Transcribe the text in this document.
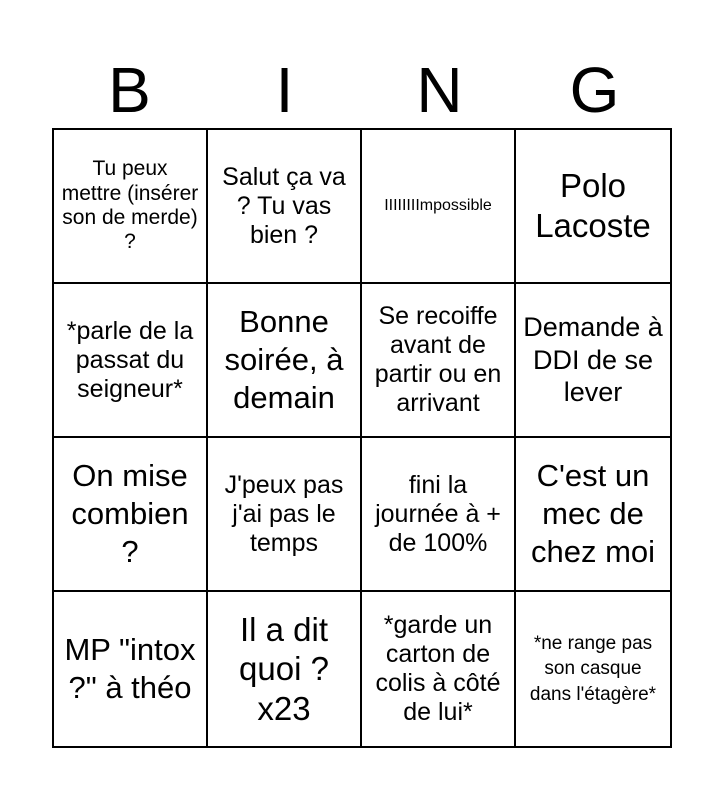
B	I	N	G
Tu peux mettre (insérer son de merde) ?
Salut ça va ? Tu vas bien ?
IIIIIIIImpossible
Polo Lacoste
*parle de la passat du seigneur*
Bonne soirée, à demain
Se recoiffe avant de partir ou en arrivant
Demande à DDI de se lever
On mise combien ?
J'peux pas j'ai pas le temps
fini la journée à + de 100%
C'est un mec de chez moi
MP "intox ?" à théo
Il a dit quoi ? x23
*garde un carton de colis à côté de lui*
*ne range pas son casque dans l'étagère*
